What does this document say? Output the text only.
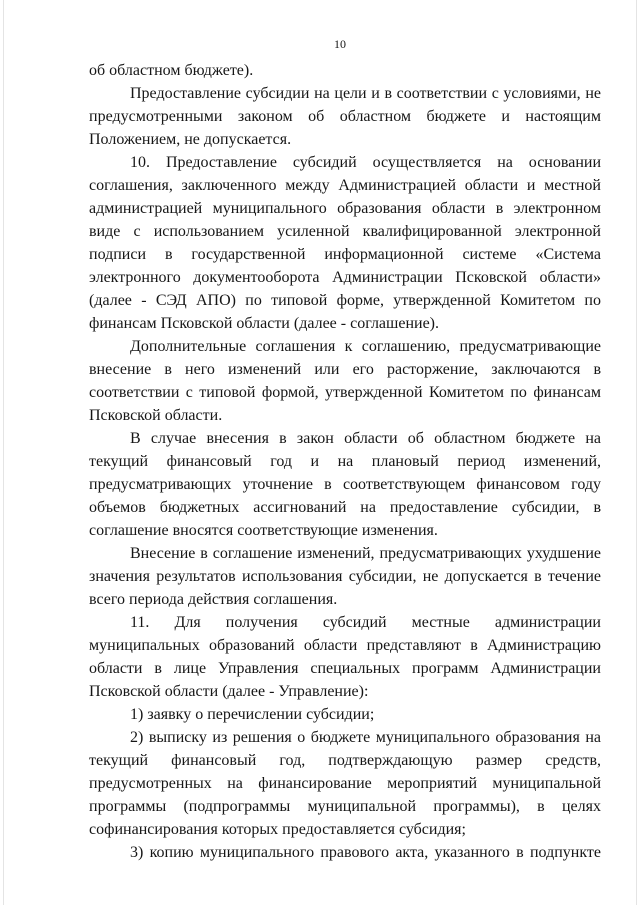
10

об областном бюджете).

Предоставление субсидии на цели и в соответствии с условиями, не предусмотренными законом об областном бюджете и настоящим Положением, не допускается.

10. Предоставление субсидий осуществляется на основании соглашения, заключенного между Администрацией области и местной администрацией муниципального образования области в электронном виде с использованием усиленной квалифицированной электронной подписи в государственной информационной системе «Система электронного документооборота Администрации Псковской области» (далее - СЭД АПО) по типовой форме, утвержденной Комитетом по финансам Псковской области (далее - соглашение).

Дополнительные соглашения к соглашению, предусматривающие внесение в него изменений или его расторжение, заключаются в соответствии с типовой формой, утвержденной Комитетом по финансам Псковской области.

В случае внесения в закон области об областном бюджете на текущий финансовый год и на плановый период изменений, предусматривающих уточнение в соответствующем финансовом году объемов бюджетных ассигнований на предоставление субсидии, в соглашение вносятся соответствующие изменения.

Внесение в соглашение изменений, предусматривающих ухудшение значения результатов использования субсидии, не допускается в течение всего периода действия соглашения.

11. Для получения субсидий местные администрации муниципальных образований области представляют в Администрацию области в лице Управления специальных программ Администрации Псковской области (далее - Управление):

1) заявку о перечислении субсидии;

2) выписку из решения о бюджете муниципального образования на текущий финансовый год, подтверждающую размер средств, предусмотренных на финансирование мероприятий муниципальной программы (подпрограммы муниципальной программы), в целях софинансирования которых предоставляется субсидия;

3) копию муниципального правового акта, указанного в подпункте
